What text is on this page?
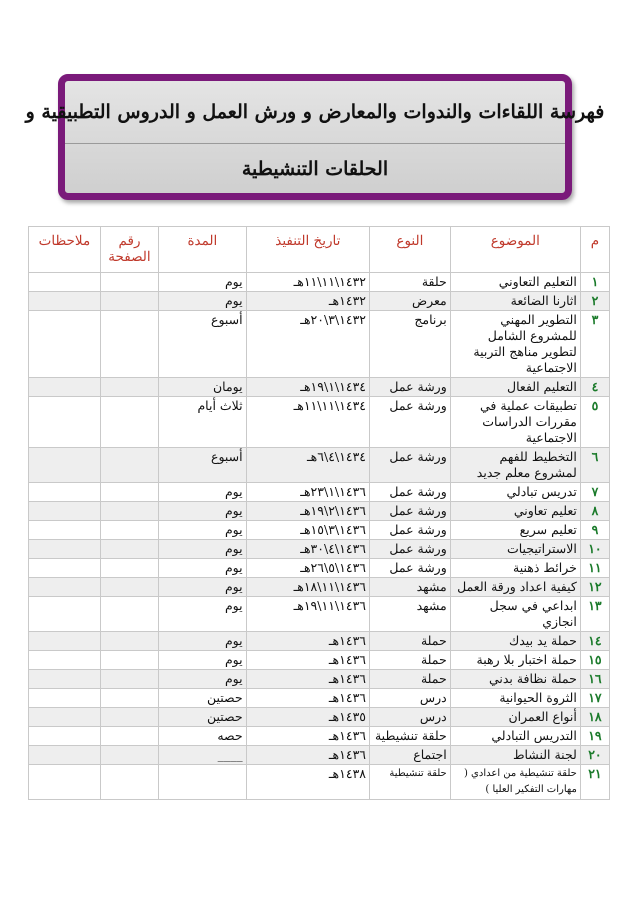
فهرسة اللقاءات والندوات والمعارض و ورش العمل و الدروس التطبيقية و
الحلقات التنشيطية
م	الموضوع	النوع	تاريخ التنفيذ	المدة	رقم الصفحة	ملاحظات
١	التعليم التعاوني	حلقة	١٤٣٢\١١\١١هـ	يوم		
٢	اثارنا الضائعة	معرض	١٤٣٢هـ	يوم		
٣	التطوير المهني للمشروع الشامل لتطوير مناهج التربية الاجتماعية	برنامج	١٤٣٢\٣\٢٠هـ	أسبوع		
٤	التعليم الفعال	ورشة عمل	١٤٣٤\١\١٩هـ	يومان		
٥	تطبيقات عملية في مقررات الدراسات الاجتماعية	ورشة عمل	١٤٣٤\١١\١١هـ	ثلاث أيام		
٦	التخطيط للفهم لمشروع معلم جديد	ورشة عمل	١٤٣٤\٤\٦هـ	أسبوع		
٧	تدريس تبادلي	ورشة عمل	١٤٣٦\١\٢٣هـ	يوم		
٨	تعليم تعاوني	ورشة عمل	١٤٣٦\٢\١٩هـ	يوم		
٩	تعليم سريع	ورشة عمل	١٤٣٦\٣\١٥هـ	يوم		
١٠	الاستراتيجيات	ورشة عمل	١٤٣٦\٤\٣٠هـ	يوم		
١١	خرائط ذهنية	ورشة عمل	١٤٣٦\٥\٢٦هـ	يوم		
١٢	كيفية اعداد ورقة العمل	مشهد	١٤٣٦\١١\١٨هـ	يوم		
١٣	ابداعي في سجل انجازي	مشهد	١٤٣٦\١١\١٩هـ	يوم		
١٤	حملة يد بيدك	حملة	١٤٣٦هـ	يوم		
١٥	حملة اختبار بلا رهبة	حملة	١٤٣٦هـ	يوم		
١٦	حملة نظافة بدني	حملة	١٤٣٦هـ	يوم		
١٧	الثروة الحيوانية	درس	١٤٣٦هـ	حصتين		
١٨	أنواع العمران	درس	١٤٣٥هـ	حصتين		
١٩	التدريس التبادلي	حلقة تنشيطية	١٤٣٦هـ	حصه		
٢٠	لجنة النشاط	اجتماع	١٤٣٦هـ	____		
٢١	حلقة تنشيطية من اعدادي ( مهارات التفكير العليا )	حلقة تنشيطية	١٤٣٨هـ			
